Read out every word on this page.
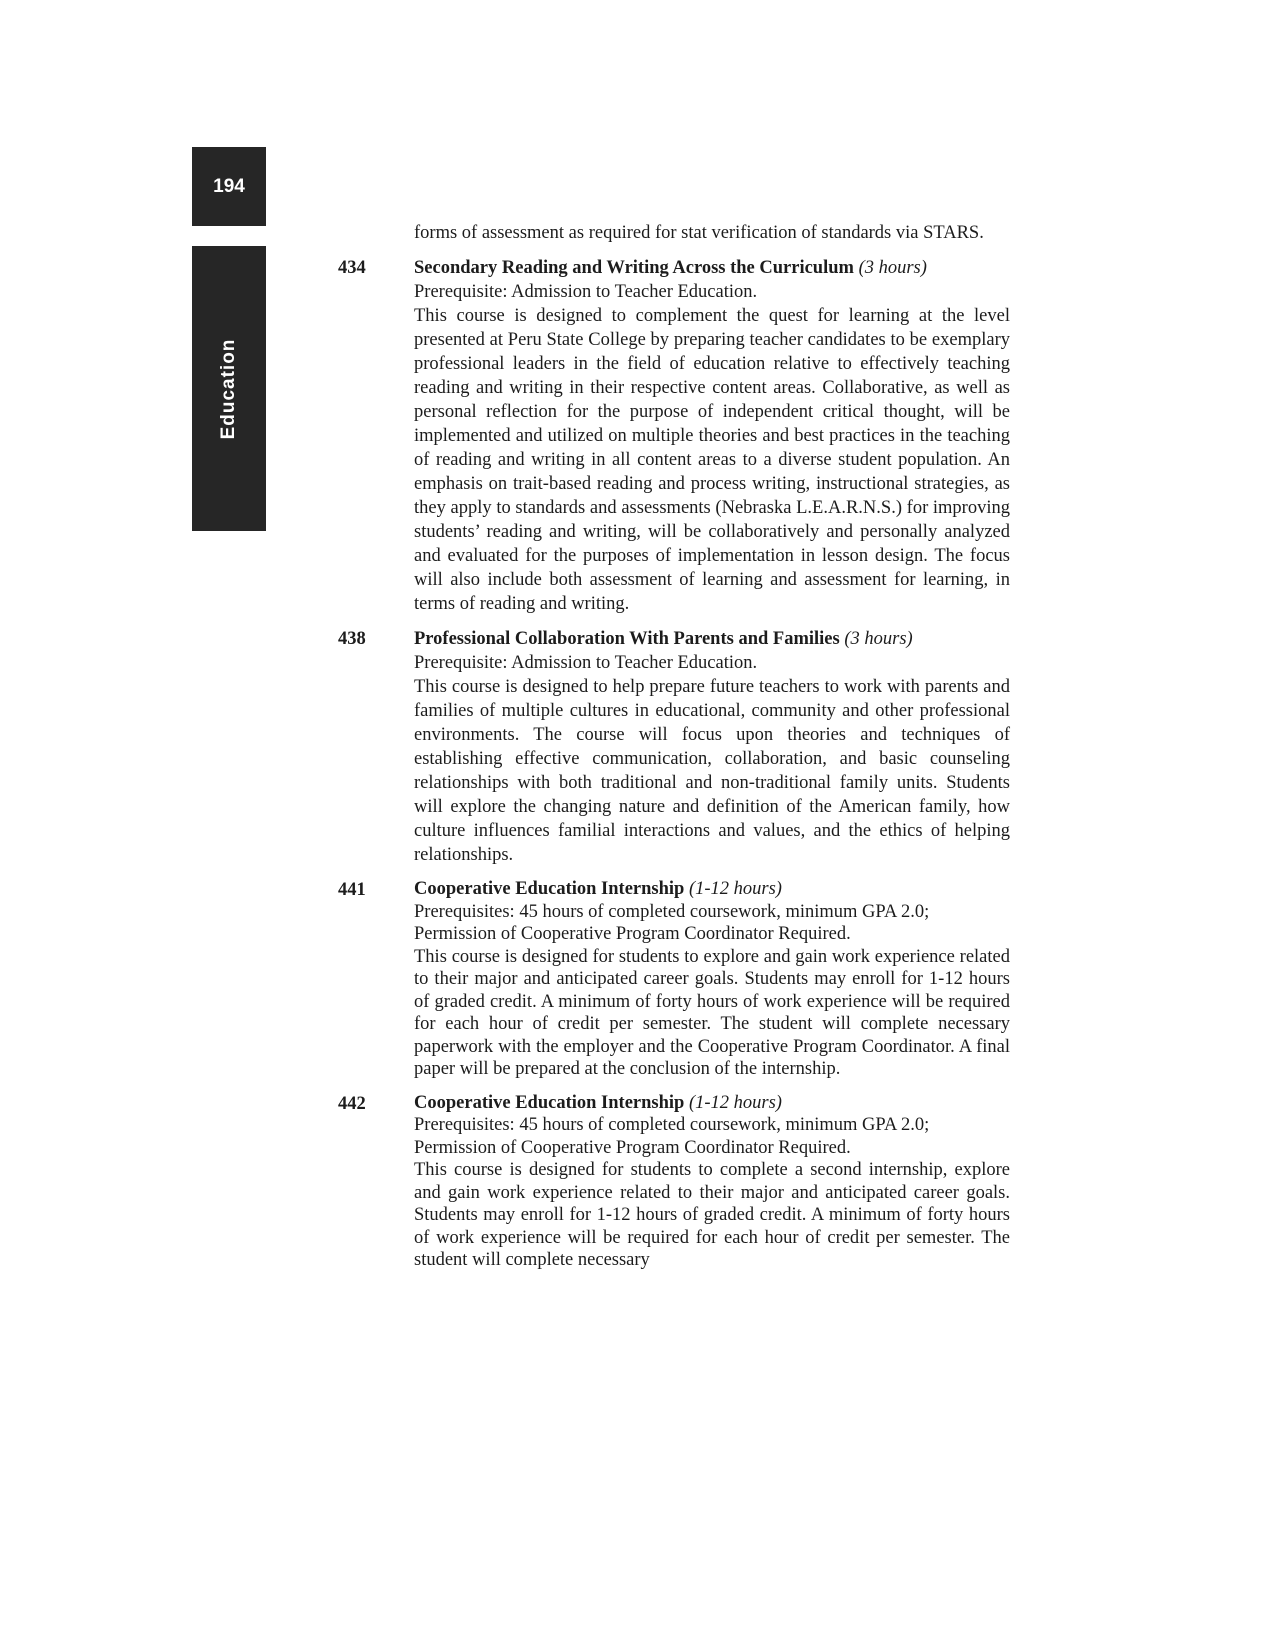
194
Education
forms of assessment as required for stat verification of standards via STARS.
434	Secondary Reading and Writing Across the Curriculum (3 hours)
Prerequisite: Admission to Teacher Education.
This course is designed to complement the quest for learning at the level presented at Peru State College by preparing teacher candidates to be exemplary professional leaders in the field of education relative to effectively teaching reading and writing in their respective content areas. Collaborative, as well as personal reflection for the purpose of independent critical thought, will be implemented and utilized on multiple theories and best practices in the teaching of reading and writing in all content areas to a diverse student population. An emphasis on trait-based reading and process writing, instructional strategies, as they apply to standards and assessments (Nebraska L.E.A.R.N.S.) for improving students’ reading and writing, will be collaboratively and personally analyzed and evaluated for the purposes of implementation in lesson design. The focus will also include both assessment of learning and assessment for learning, in terms of reading and writing.
438	Professional Collaboration With Parents and Families (3 hours)
Prerequisite: Admission to Teacher Education.
This course is designed to help prepare future teachers to work with parents and families of multiple cultures in educational, community and other professional environments. The course will focus upon theories and techniques of establishing effective communication, collaboration, and basic counseling relationships with both traditional and non-traditional family units. Students will explore the changing nature and definition of the American family, how culture influences familial interactions and values, and the ethics of helping relationships.
441	Cooperative Education Internship (1-12 hours)
Prerequisites: 45 hours of completed coursework, minimum GPA 2.0; Permission of Cooperative Program Coordinator Required.
This course is designed for students to explore and gain work experience related to their major and anticipated career goals. Students may enroll for 1-12 hours of graded credit. A minimum of forty hours of work experience will be required for each hour of credit per semester. The student will complete necessary paperwork with the employer and the Cooperative Program Coordinator. A final paper will be prepared at the conclusion of the internship.
442	Cooperative Education Internship (1-12 hours)
Prerequisites: 45 hours of completed coursework, minimum GPA 2.0; Permission of Cooperative Program Coordinator Required.
This course is designed for students to complete a second internship, explore and gain work experience related to their major and anticipated career goals. Students may enroll for 1-12 hours of graded credit. A minimum of forty hours of work experience will be required for each hour of credit per semester. The student will complete necessary
